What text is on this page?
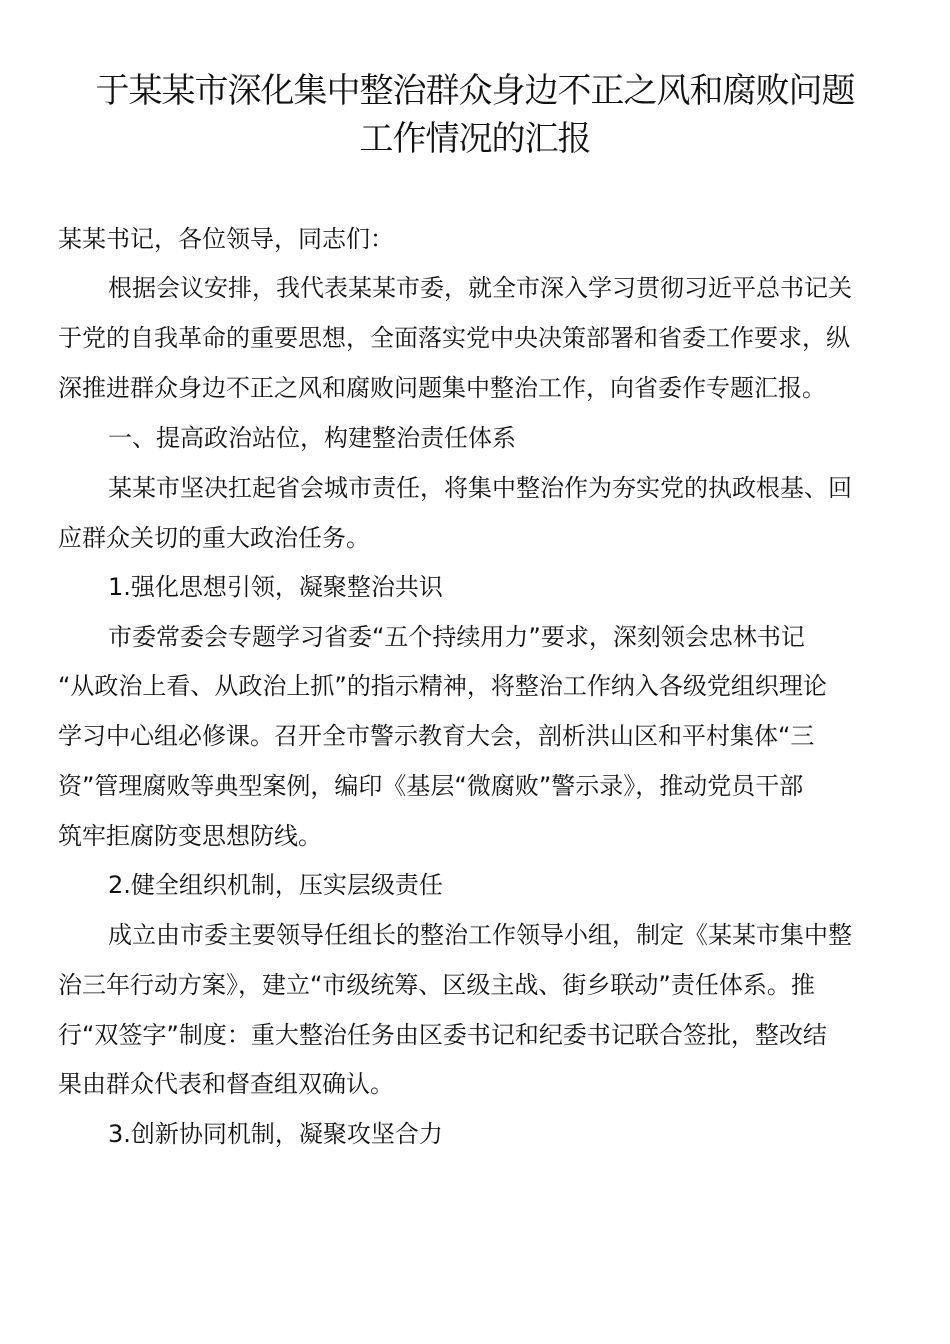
于某某市深化集中整治群众身边不正之风和腐败问题
工作情况的汇报
某某书记，各位领导，同志们：
根据会议安排，我代表某某市委，就全市深入学习贯彻习近平总书记关
于党的自我革命的重要思想，全面落实党中央决策部署和省委工作要求，纵
深推进群众身边不正之风和腐败问题集中整治工作，向省委作专题汇报。
一、提高政治站位，构建整治责任体系
某某市坚决扛起省会城市责任，将集中整治作为夯实党的执政根基、回
应群众关切的重大政治任务。
1.强化思想引领，凝聚整治共识
市委常委会专题学习省委“五个持续用力”要求，深刻领会忠林书记
“从政治上看、从政治上抓”的指示精神，将整治工作纳入各级党组织理论
学习中心组必修课。召开全市警示教育大会，剖析洪山区和平村集体“三
资”管理腐败等典型案例，编印《基层“微腐败”警示录》，推动党员干部
筑牢拒腐防变思想防线。
2.健全组织机制，压实层级责任
成立由市委主要领导任组长的整治工作领导小组，制定《某某市集中整
治三年行动方案》，建立“市级统筹、区级主战、街乡联动”责任体系。推
行“双签字”制度：重大整治任务由区委书记和纪委书记联合签批，整改结
果由群众代表和督查组双确认。
3.创新协同机制，凝聚攻坚合力
